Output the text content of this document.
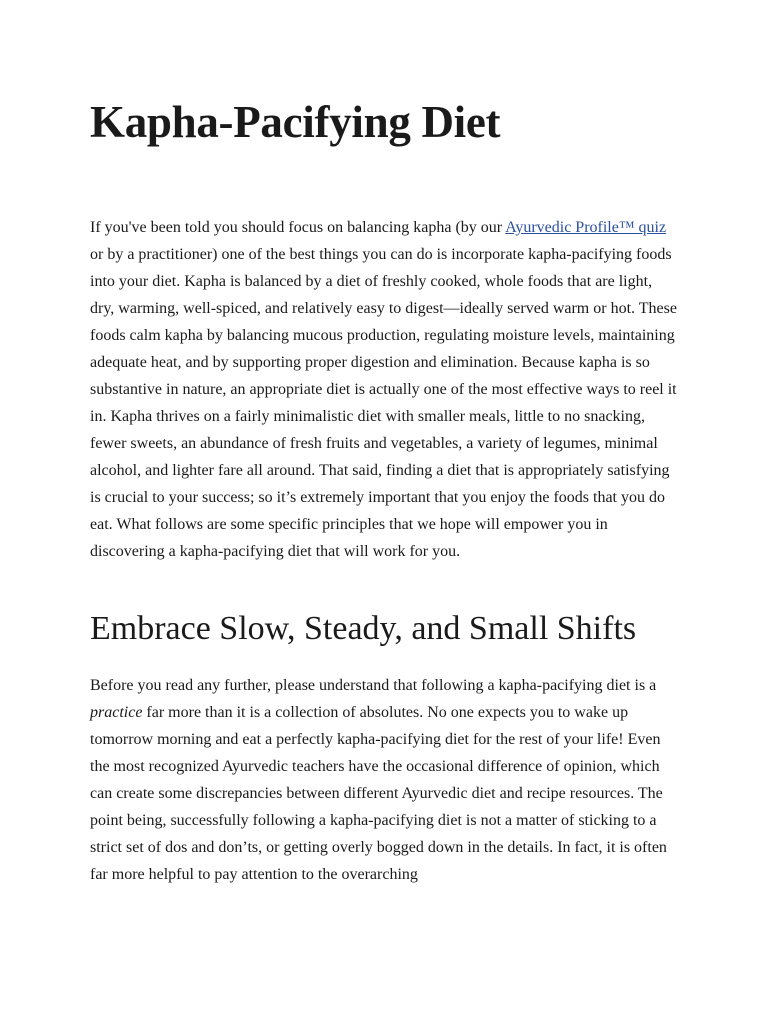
Kapha-Pacifying Diet

If you've been told you should focus on balancing kapha (by our Ayurvedic Profile™ quiz or by a practitioner) one of the best things you can do is incorporate kapha-pacifying foods into your diet. Kapha is balanced by a diet of freshly cooked, whole foods that are light, dry, warming, well-spiced, and relatively easy to digest—ideally served warm or hot. These foods calm kapha by balancing mucous production, regulating moisture levels, maintaining adequate heat, and by supporting proper digestion and elimination. Because kapha is so substantive in nature, an appropriate diet is actually one of the most effective ways to reel it in. Kapha thrives on a fairly minimalistic diet with smaller meals, little to no snacking, fewer sweets, an abundance of fresh fruits and vegetables, a variety of legumes, minimal alcohol, and lighter fare all around. That said, finding a diet that is appropriately satisfying is crucial to your success; so it’s extremely important that you enjoy the foods that you do eat. What follows are some specific principles that we hope will empower you in discovering a kapha-pacifying diet that will work for you.

Embrace Slow, Steady, and Small Shifts

Before you read any further, please understand that following a kapha-pacifying diet is a practice far more than it is a collection of absolutes. No one expects you to wake up tomorrow morning and eat a perfectly kapha-pacifying diet for the rest of your life! Even the most recognized Ayurvedic teachers have the occasional difference of opinion, which can create some discrepancies between different Ayurvedic diet and recipe resources. The point being, successfully following a kapha-pacifying diet is not a matter of sticking to a strict set of dos and don’ts, or getting overly bogged down in the details. In fact, it is often far more helpful to pay attention to the overarching
